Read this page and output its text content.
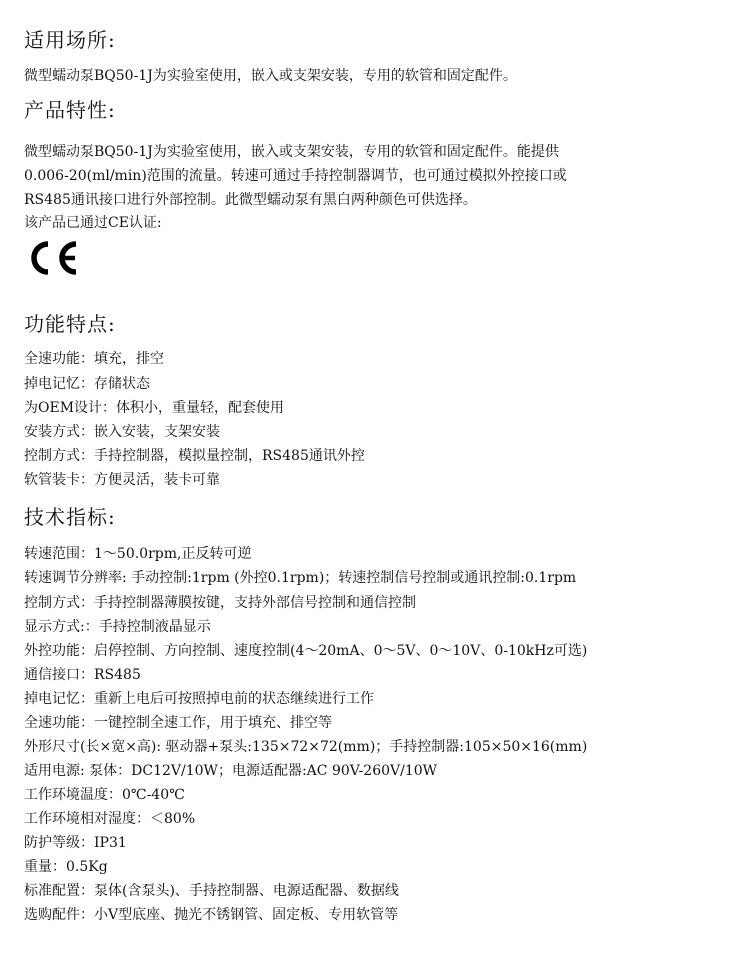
适用场所:
微型蠕动泵BQ50-1J为实验室使用，嵌入或支架安装，专用的软管和固定配件。
产品特性:
微型蠕动泵BQ50-1J为实验室使用，嵌入或支架安装，专用的软管和固定配件。能提供
0.006-20(ml/min)范围的流量。转速可通过手持控制器调节，也可通过模拟外控接口或
RS485通讯接口进行外部控制。此微型蠕动泵有黑白两种颜色可供选择。
该产品已通过CE认证:
功能特点:
全速功能：填充，排空
掉电记忆：存储状态
为OEM设计：体积小，重量轻，配套使用
安装方式：嵌入安装，支架安装
控制方式：手持控制器，模拟量控制，RS485通讯外控
软管装卡：方便灵活，装卡可靠
技术指标:
转速范围：1～50.0rpm,正反转可逆
转速调节分辨率: 手动控制:1rpm (外控0.1rpm)；转速控制信号控制或通讯控制:0.1rpm
控制方式：手持控制器薄膜按键，支持外部信号控制和通信控制
显示方式:：手持控制液晶显示
外控功能：启停控制、方向控制、速度控制(4～20mA、0～5V、0～10V、0-10kHz可选)
通信接口：RS485
掉电记忆：重新上电后可按照掉电前的状态继续进行工作
全速功能：一键控制全速工作，用于填充、排空等
外形尺寸(长×宽×高): 驱动器+泵头:135×72×72(mm)；手持控制器:105×50×16(mm)
适用电源: 泵体：DC12V/10W；电源适配器:AC 90V-260V/10W
工作环境温度：0℃-40℃
工作环境相对湿度：＜80%
防护等级：IP31
重量：0.5Kg
标准配置：泵体(含泵头)、手持控制器、电源适配器、数据线
选购配件：小V型底座、抛光不锈钢管、固定板、专用软管等
